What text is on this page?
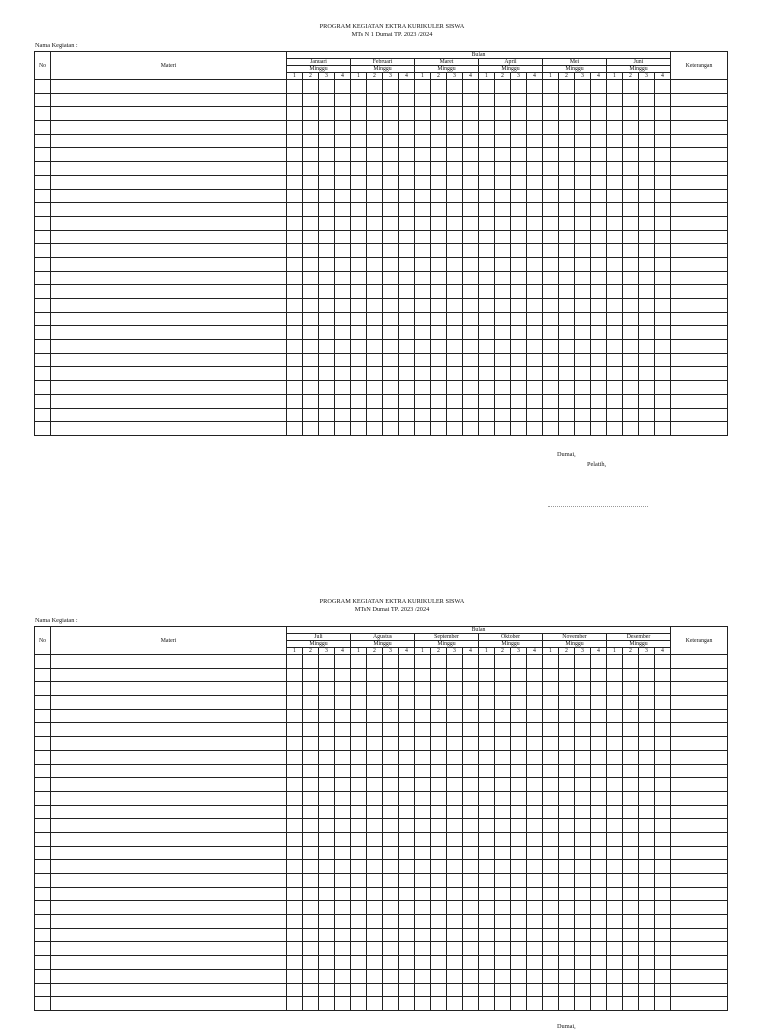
PROGRAM KEGIATAN EKTRA KURIKULER SISWA
MTs N 1 Dumai TP. 2023 /2024
Nama Kegiatan :
No	Materi	Bulan																								Keterangan
		Januari				Februari				Maret				April				Mei				Juni				
		Minggu				Minggu				Minggu				Minggu				Minggu				Minggu				
		1	2	3	4	1	2	3	4	1	2	3	4	1	2	3	4	1	2	3	4	1	2	3	4	

Dumai,
Pelatih,
PROGRAM KEGIATAN EKTRA KURIKULER SISWA
MTsN Dumai TP. 2023 /2024
Nama Kegiatan :
No	Materi	Bulan																								Keterangan
		Juli				Agustus				September				Oktober				November				Desember				
		Minggu				Minggu				Minggu				Minggu				Minggu				Minggu				
		1	2	3	4	1	2	3	4	1	2	3	4	1	2	3	4	1	2	3	4	1	2	3	4	

Dumai,
